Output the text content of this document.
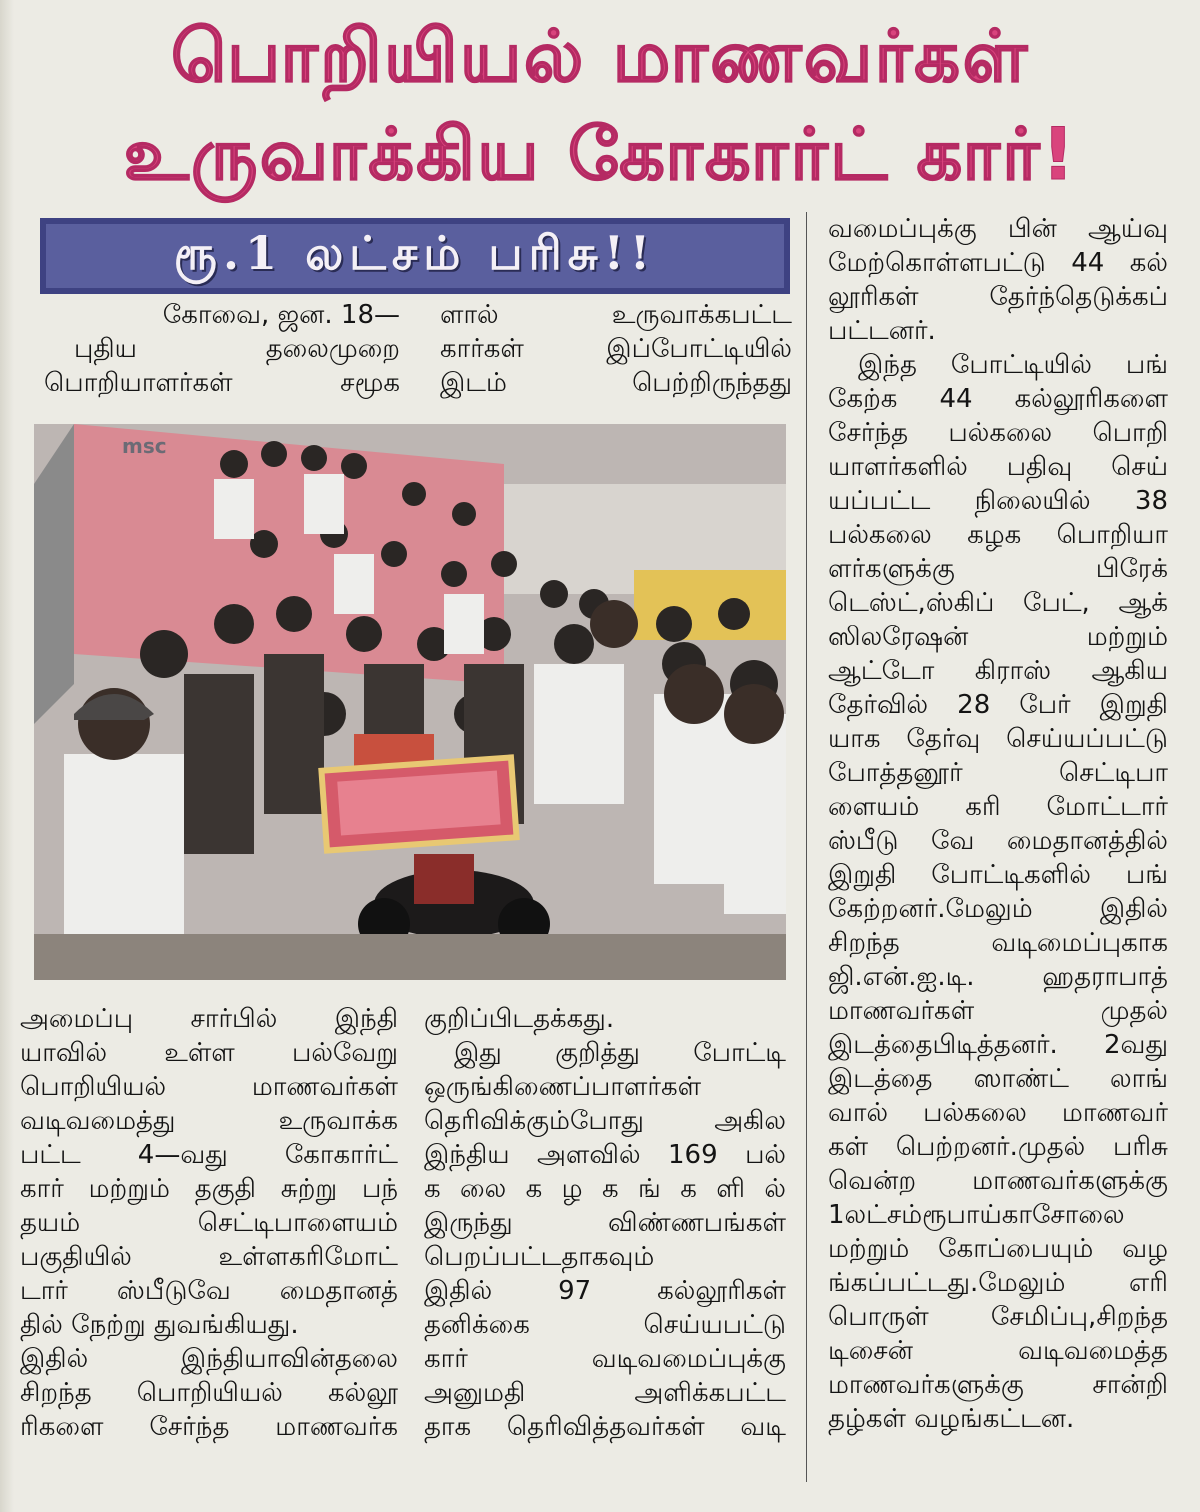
பொறியியல் மாணவர்கள்
உருவாக்கிய கோகார்ட் கார்!
ரூ.1 லட்சம் பரிசு!!
கோவை, ஜன. 18—
புதிய தலைமுறை
பொறியாளர்கள் சமூக
ளால் உருவாக்கபட்ட
கார்கள் இப்போட்டியில்
இடம் பெற்றிருந்தது
msc
வமைப்புக்கு பின் ஆய்வு
மேற்கொள்ளபட்டு 44 கல்
லூரிகள் தேர்ந்தெடுக்கப்
பட்டனர்.
இந்த போட்டியில் பங்
கேற்க 44 கல்லூரிகளை
சேர்ந்த பல்கலை பொறி
யாளர்களில் பதிவு செய்
யப்பட்ட நிலையில் 38
பல்கலை கழக பொறியா
ளர்களுக்கு பிரேக்
டெஸ்ட்,ஸ்கிப் பேட், ஆக்
ஸிலரேஷன் மற்றும்
ஆட்டோ கிராஸ் ஆகிய
தேர்வில் 28 பேர் இறுதி
யாக தேர்வு செய்யப்பட்டு
போத்தனூர் செட்டிபா
ளையம் கரி மோட்டார்
ஸ்பீடு வே மைதானத்தில்
இறுதி போட்டிகளில் பங்
கேற்றனர்.மேலும் இதில்
சிறந்த வடிமைப்புகாக
ஜி.என்.ஐ.டி. ஹதராபாத்
மாணவர்கள் முதல்
இடத்தைபிடித்தனர். 2வது
இடத்தை ஸாண்ட் லாங்
வால் பல்கலை மாணவர்
கள் பெற்றனர்.முதல் பரிசு
வென்ற மாணவர்களுக்கு
1லட்சம்ரூபாய்காசோலை
மற்றும் கோப்பையும் வழ
ங்கப்பட்டது.மேலும் எரி
பொருள் சேமிப்பு,சிறந்த
டிசைன் வடிவமைத்த
மாணவர்களுக்கு சான்றி
தழ்கள் வழங்கட்டன.
அமைப்பு சார்பில் இந்தி
யாவில் உள்ள பல்வேறு
பொறியியல் மாணவர்கள்
வடிவமைத்து உருவாக்க
பட்ட 4—வது கோகார்ட்
கார் மற்றும் தகுதி சுற்று பந்
தயம் செட்டிபாளையம்
பகுதியில் உள்ளகரிமோட்
டார் ஸ்பீடுவே மைதானத்
தில் நேற்று துவங்கியது.
இதில் இந்தியாவின்தலை
சிறந்த பொறியியல் கல்லூ
ரிகளை சேர்ந்த மாணவர்க
குறிப்பிடதக்கது.
இது குறித்து போட்டி
ஒருங்கிணைப்பாளர்கள்
தெரிவிக்கும்போது அகில
இந்திய அளவில் 169 பல்
க லை க ழ க ங் க ளி ல்
இருந்து விண்ணபங்கள்
பெறப்பட்டதாகவும்
இதில் 97 கல்லூரிகள்
தனிக்கை செய்யபட்டு
கார் வடிவமைப்புக்கு
அனுமதி அளிக்கபட்ட
தாக தெரிவித்தவர்கள் வடி
